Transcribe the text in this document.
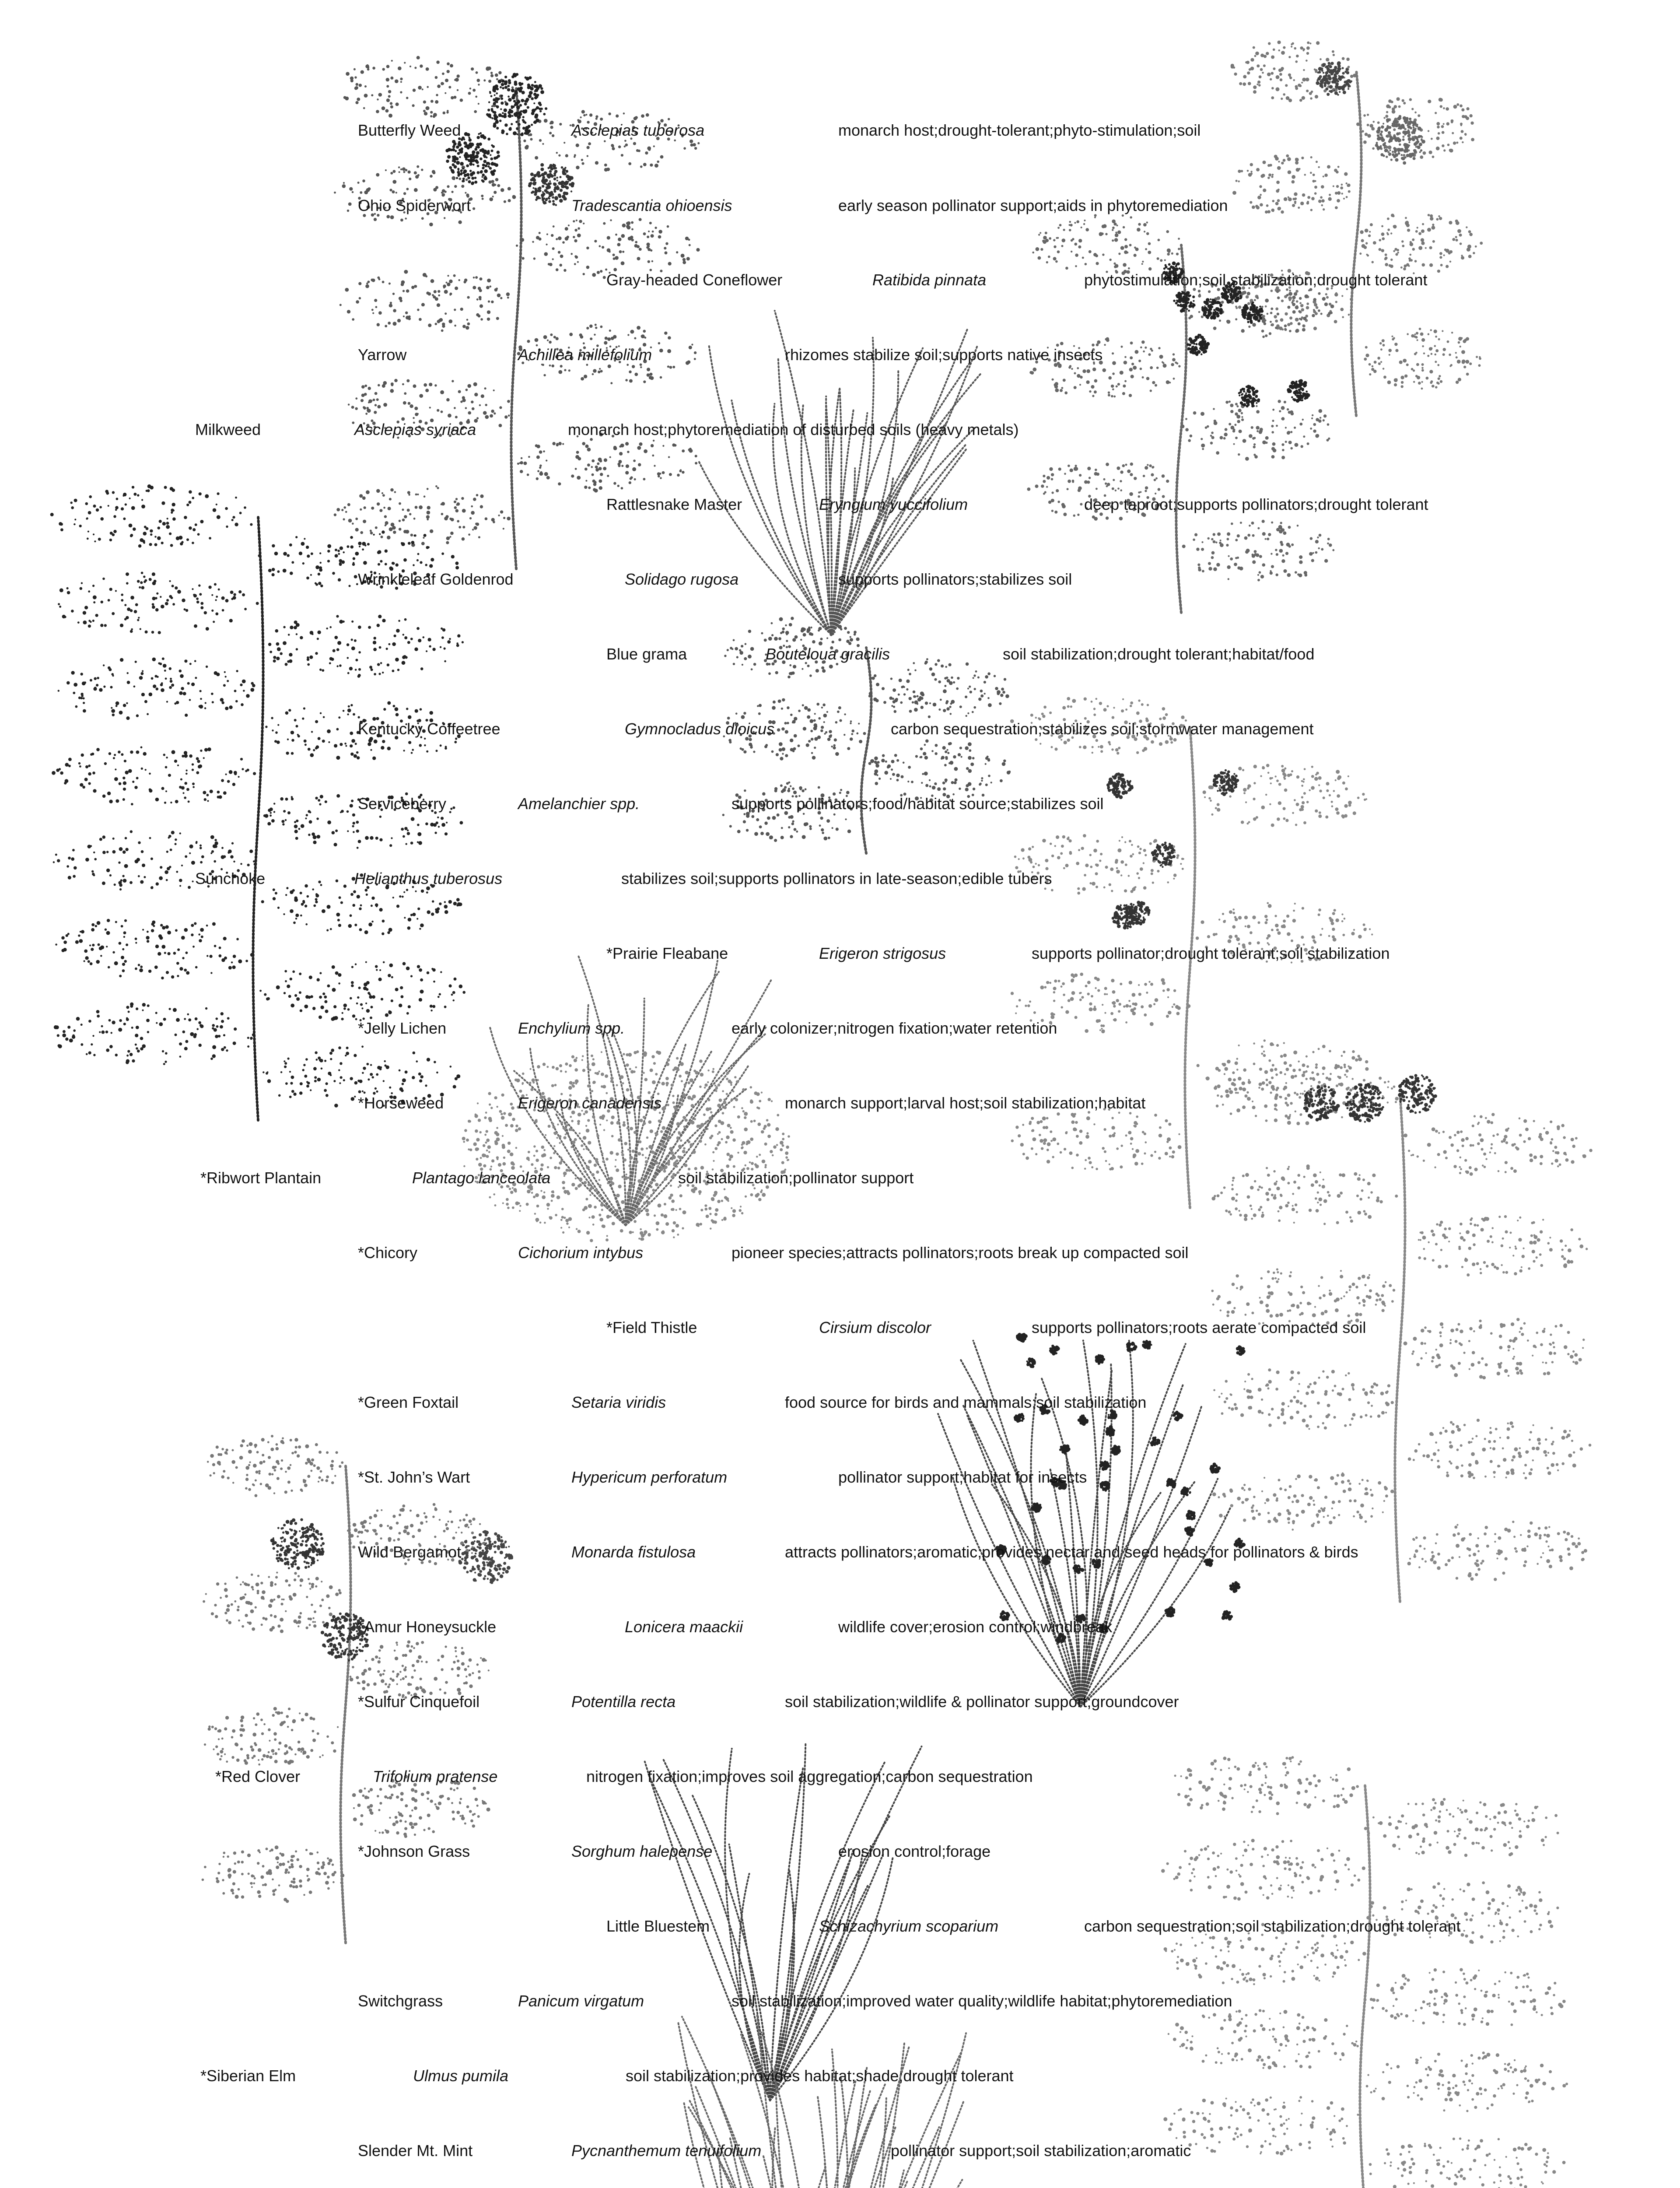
Butterfly Weed	Asclepias tuberosa	monarch host;drought-tolerant;phyto-stimulation;soil
Ohio Spiderwort	Tradescantia ohioensis	early season pollinator support;aids in phytoremediation
Gray-headed Coneflower	Ratibida pinnata	phytostimulation;soil stabilization;drought tolerant
Yarrow	Achillea millefolium	rhizomes stabilize soil;supports native insects
Milkweed	Asclepias syriaca	monarch host;phytoremediation of disturbed soils (heavy metals)
Rattlesnake Master	Eryngium yuccifolium	deep taproot;supports pollinators;drought tolerant
Wrinkleleaf Goldenrod	Solidago rugosa	supports pollinators;stabilizes soil
Blue grama	Bouteloua gracilis	soil stabilization;drought tolerant;habitat/food
Kentucky Coffeetree	Gymnocladus dioicus	carbon sequestration;stabilizes soil;stormwater management
Serviceberry	Amelanchier spp.	supports pollinators;food/habitat source;stabilizes soil
Sunchoke	Helianthus tuberosus	stabilizes soil;supports pollinators in late-season;edible tubers
*Prairie Fleabane	Erigeron strigosus	supports pollinator;drought tolerant;soil stabilization
*Jelly Lichen	Enchylium spp.	early colonizer;nitrogen fixation;water retention
*Horseweed	Erigeron canadensis	monarch support;larval host;soil stabilization;habitat
*Ribwort Plantain	Plantago lanceolata	soil stabilization;pollinator support
*Chicory	Cichorium intybus	pioneer species;attracts pollinators;roots break up compacted soil
*Field Thistle	Cirsium discolor	supports pollinators;roots aerate compacted soil
*Green Foxtail	Setaria viridis	food source for birds and mammals;soil stabilization
*St. John’s Wart	Hypericum perforatum	pollinator support;habitat for insects
Wild Bergamot	Monarda fistulosa	attracts pollinators;aromatic;provides nectar and seed heads for pollinators & birds
*Amur Honeysuckle	Lonicera maackii	wildlife cover;erosion control;windbreak
*Sulfur Cinquefoil	Potentilla recta	soil stabilization;wildlife & pollinator support;groundcover
*Red Clover	Trifolium pratense	nitrogen fixation;improves soil aggregation;carbon sequestration
*Johnson Grass	Sorghum halepense	erosion control;forage
Little Bluestem	Schizachyrium scoparium	carbon sequestration;soil stabilization;drought tolerant
Switchgrass	Panicum virgatum	soil stabilization;improved water quality;wildlife habitat;phytoremediation
*Siberian Elm	Ulmus pumila	soil stabilization;provides habitat;shade;drought tolerant
Slender Mt. Mint	Pycnanthemum tenuifolium	pollinator support;soil stabilization;aromatic
